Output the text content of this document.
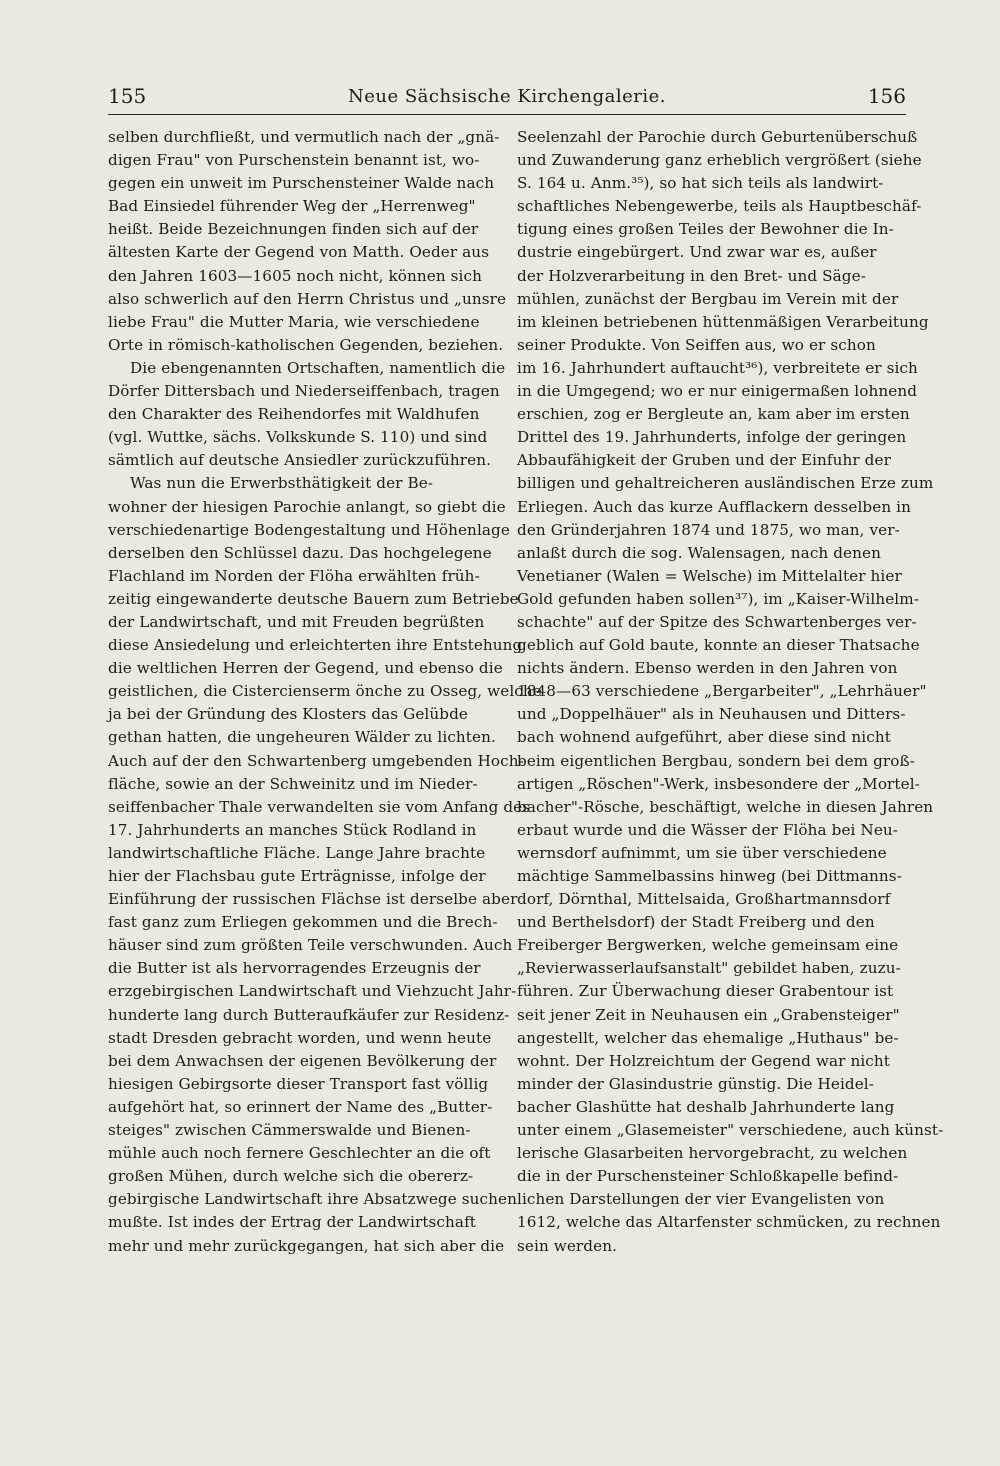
155	Neue Sächsische Kirchengalerie.	156
selben durchfließt, und vermutlich nach der „gnä-
digen Frau" von Purschenstein benannt ist, wo-
gegen ein unweit im Purschensteiner Walde nach
Bad Einsiedel führender Weg der „Herrenweg"
heißt. Beide Bezeichnungen finden sich auf der
ältesten Karte der Gegend von Matth. Oeder aus
den Jahren 1603—1605 noch nicht, können sich
also schwerlich auf den Herrn Christus und „unsre
liebe Frau" die Mutter Maria, wie verschiedene
Orte in römisch-katholischen Gegenden, beziehen.
Die ebengenannten Ortschaften, namentlich die
Dörfer Dittersbach und Niederseiffenbach, tragen
den Charakter des Reihendorfes mit Waldhufen
(vgl. Wuttke, sächs. Volkskunde S. 110) und sind
sämtlich auf deutsche Ansiedler zurückzuführen.
Was nun die Erwerbsthätigkeit der Be-
wohner der hiesigen Parochie anlangt, so giebt die
verschiedenartige Bodengestaltung und Höhenlage
derselben den Schlüssel dazu. Das hochgelegene
Flachland im Norden der Flöha erwählten früh-
zeitig eingewanderte deutsche Bauern zum Betriebe
der Landwirtschaft, und mit Freuden begrüßten
diese Ansiedelung und erleichterten ihre Entstehung
die weltlichen Herren der Gegend, und ebenso die
geistlichen, die Cistercienserm önche zu Osseg, welche
ja bei der Gründung des Klosters das Gelübde
gethan hatten, die ungeheuren Wälder zu lichten.
Auch auf der den Schwartenberg umgebenden Hoch-
fläche, sowie an der Schweinitz und im Nieder-
seiffenbacher Thale verwandelten sie vom Anfang des
17. Jahrhunderts an manches Stück Rodland in
landwirtschaftliche Fläche. Lange Jahre brachte
hier der Flachsbau gute Erträgnisse, infolge der
Einführung der russischen Flächse ist derselbe aber
fast ganz zum Erliegen gekommen und die Brech-
häuser sind zum größten Teile verschwunden. Auch
die Butter ist als hervorragendes Erzeugnis der
erzgebirgischen Landwirtschaft und Viehzucht Jahr-
hunderte lang durch Butteraufkäufer zur Residenz-
stadt Dresden gebracht worden, und wenn heute
bei dem Anwachsen der eigenen Bevölkerung der
hiesigen Gebirgsorte dieser Transport fast völlig
aufgehört hat, so erinnert der Name des „Butter-
steiges" zwischen Cämmerswalde und Bienen-
mühle auch noch fernere Geschlechter an die oft
großen Mühen, durch welche sich die obererz-
gebirgische Landwirtschaft ihre Absatzwege suchen
mußte. Ist indes der Ertrag der Landwirtschaft
mehr und mehr zurückgegangen, hat sich aber die
Seelenzahl der Parochie durch Geburtenüberschuß
und Zuwanderung ganz erheblich vergrößert (siehe
S. 164 u. Anm.³⁵), so hat sich teils als landwirt-
schaftliches Nebengewerbe, teils als Hauptbeschäf-
tigung eines großen Teiles der Bewohner die In-
dustrie eingebürgert. Und zwar war es, außer
der Holzverarbeitung in den Bret- und Säge-
mühlen, zunächst der Bergbau im Verein mit der
im kleinen betriebenen hüttenmäßigen Verarbeitung
seiner Produkte. Von Seiffen aus, wo er schon
im 16. Jahrhundert auftaucht³⁶), verbreitete er sich
in die Umgegend; wo er nur einigermaßen lohnend
erschien, zog er Bergleute an, kam aber im ersten
Drittel des 19. Jahrhunderts, infolge der geringen
Abbaufähigkeit der Gruben und der Einfuhr der
billigen und gehaltreicheren ausländischen Erze zum
Erliegen. Auch das kurze Aufflackern desselben in
den Gründerjahren 1874 und 1875, wo man, ver-
anlaßt durch die sog. Walensagen, nach denen
Venetianer (Walen = Welsche) im Mittelalter hier
Gold gefunden haben sollen³⁷), im „Kaiser-Wilhelm-
schachte" auf der Spitze des Schwartenberges ver-
geblich auf Gold baute, konnte an dieser Thatsache
nichts ändern. Ebenso werden in den Jahren von
1848—63 verschiedene „Bergarbeiter", „Lehrhäuer"
und „Doppelhäuer" als in Neuhausen und Ditters-
bach wohnend aufgeführt, aber diese sind nicht
beim eigentlichen Bergbau, sondern bei dem groß-
artigen „Röschen"-Werk, insbesondere der „Mortel-
bacher"-Rösche, beschäftigt, welche in diesen Jahren
erbaut wurde und die Wässer der Flöha bei Neu-
wernsdorf aufnimmt, um sie über verschiedene
mächtige Sammelbassins hinweg (bei Dittmanns-
dorf, Dörnthal, Mittelsaida, Großhartmannsdorf
und Berthelsdorf) der Stadt Freiberg und den
Freiberger Bergwerken, welche gemeinsam eine
„Revierwasserlaufsanstalt" gebildet haben, zuzu-
führen. Zur Überwachung dieser Grabentour ist
seit jener Zeit in Neuhausen ein „Grabensteiger"
angestellt, welcher das ehemalige „Huthaus" be-
wohnt. Der Holzreichtum der Gegend war nicht
minder der Glasindustrie günstig. Die Heidel-
bacher Glashütte hat deshalb Jahrhunderte lang
unter einem „Glasemeister" verschiedene, auch künst-
lerische Glasarbeiten hervorgebracht, zu welchen
die in der Purschensteiner Schloßkapelle befind-
lichen Darstellungen der vier Evangelisten von
1612, welche das Altarfenster schmücken, zu rechnen
sein werden.
